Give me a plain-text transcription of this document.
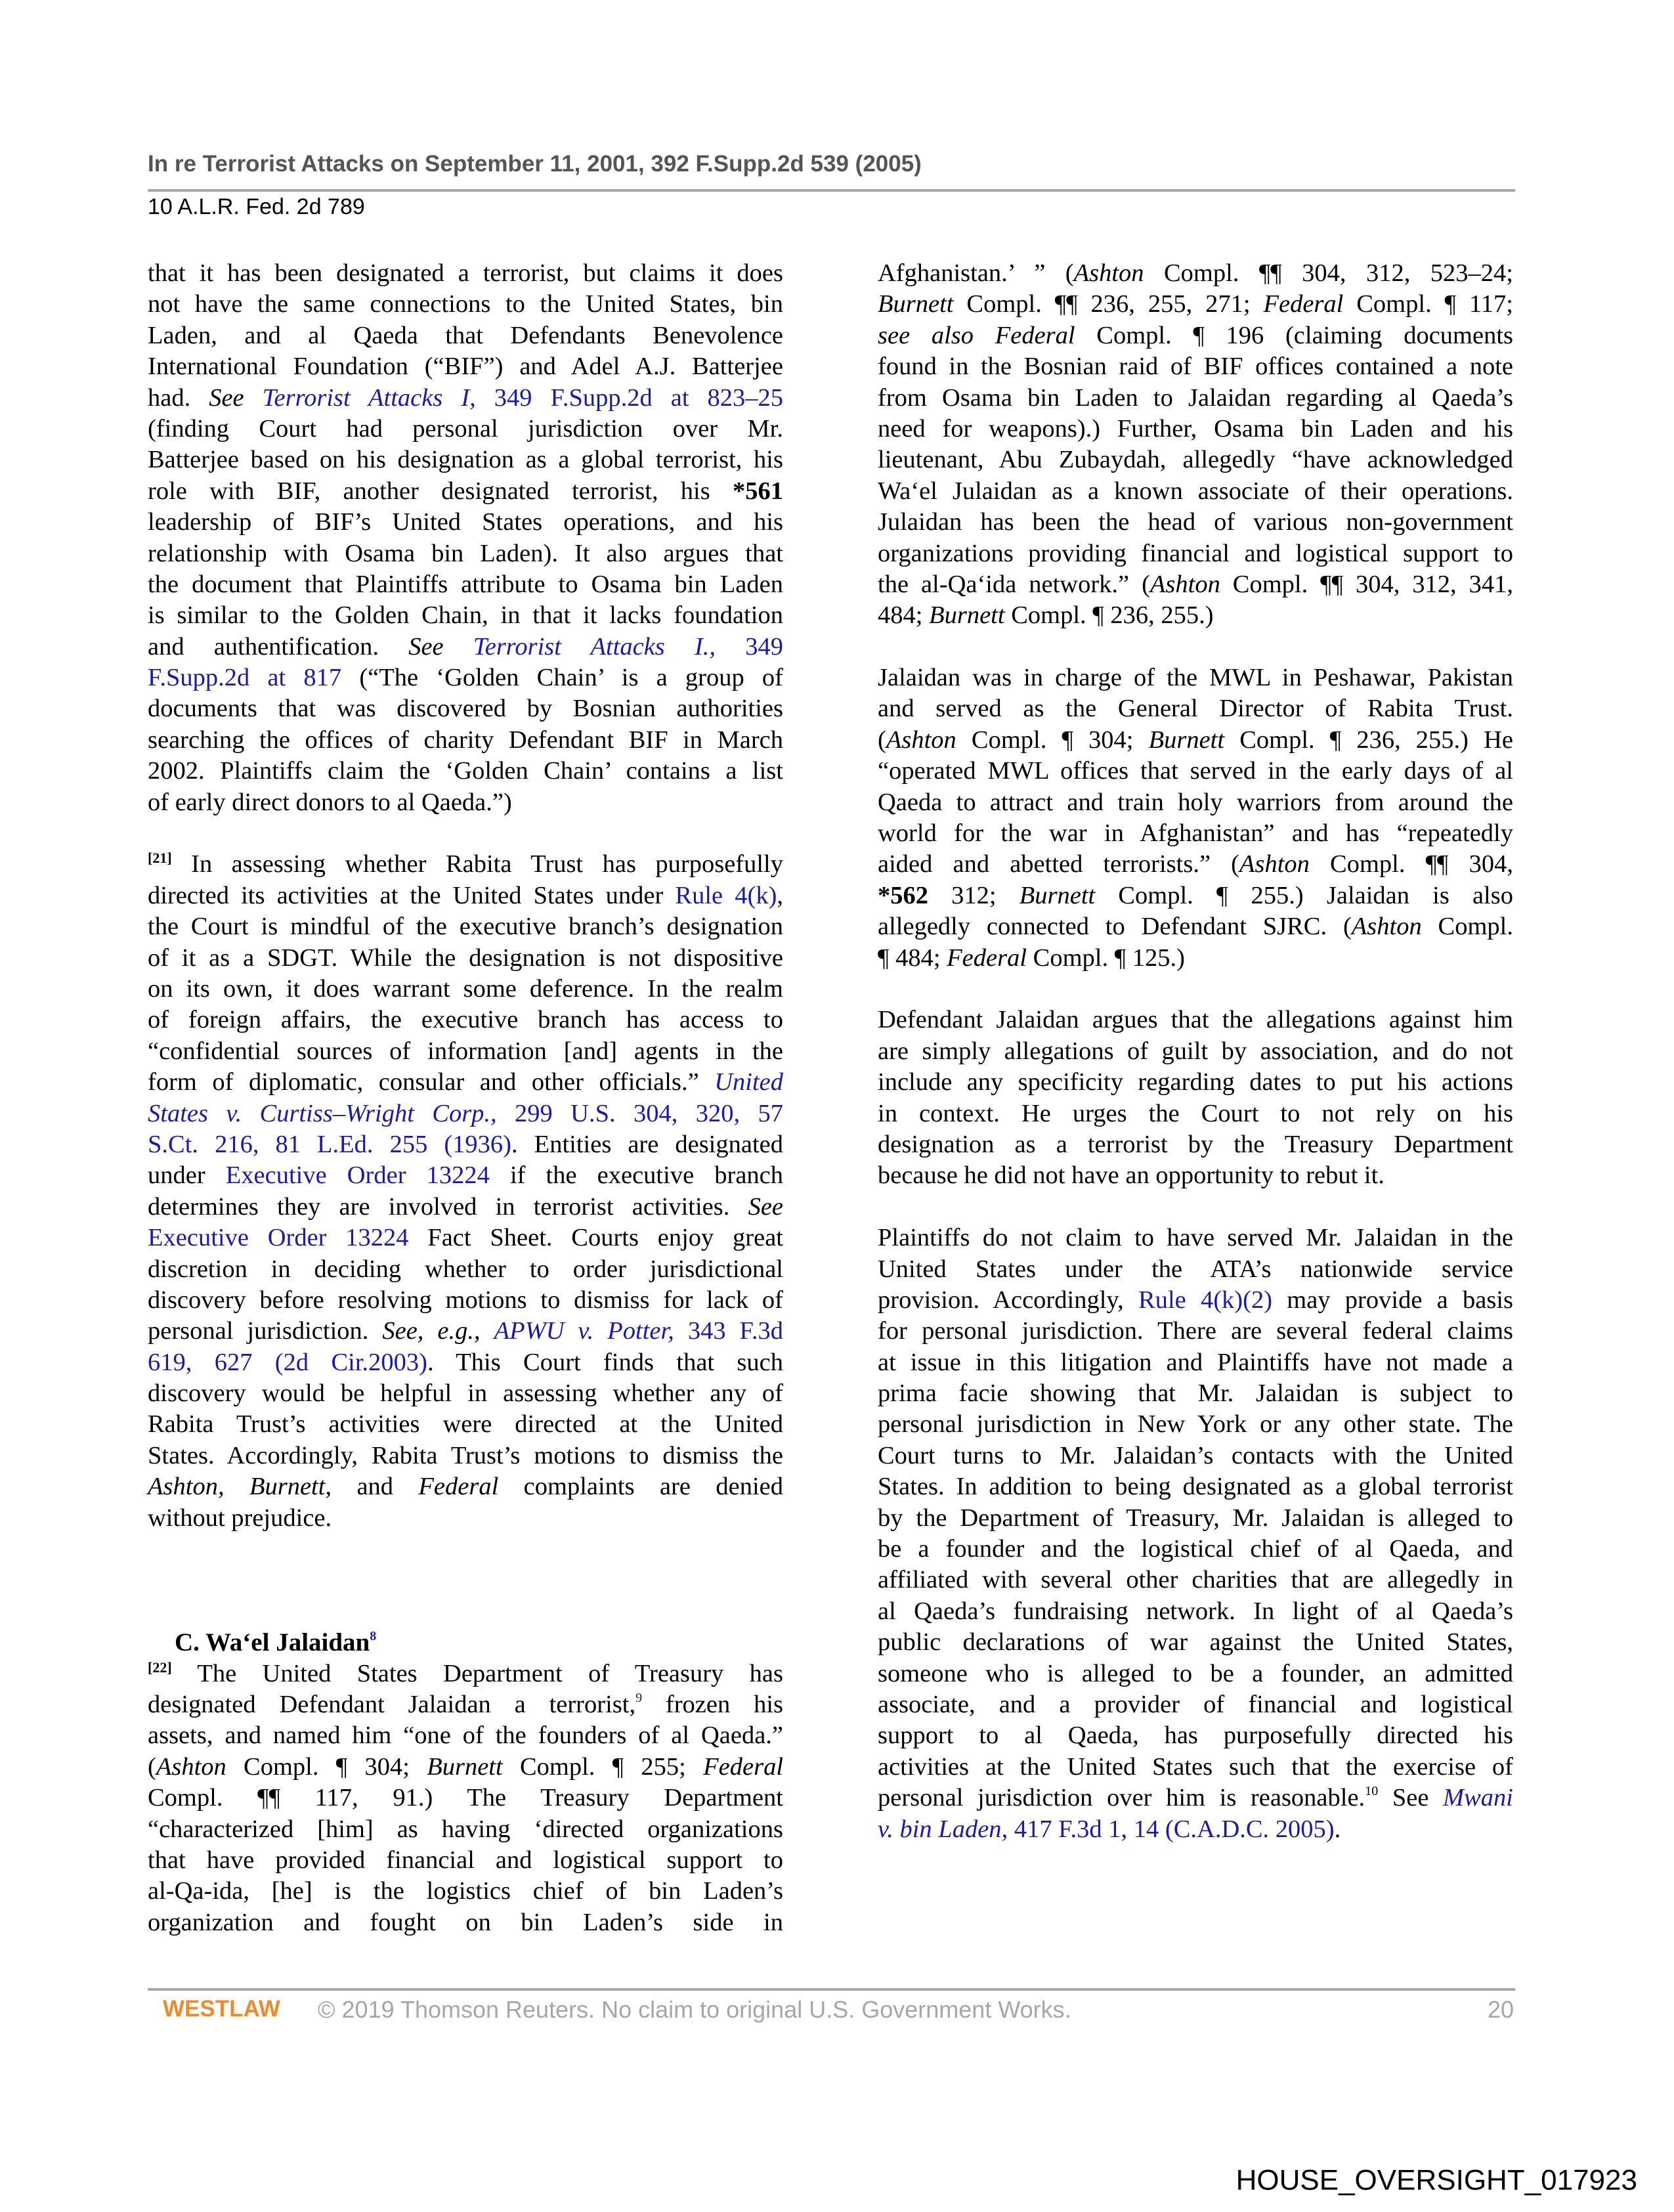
In re Terrorist Attacks on September 11, 2001, 392 F.Supp.2d 539 (2005)
10 A.L.R. Fed. 2d 789
that it has been designated a terrorist, but claims it does
not have the same connections to the United States, bin
Laden, and al Qaeda that Defendants Benevolence
International Foundation (“BIF”) and Adel A.J. Batterjee
had. See Terrorist Attacks I, 349 F.Supp.2d at 823–25
(finding Court had personal jurisdiction over Mr.
Batterjee based on his designation as a global terrorist, his
role with BIF, another designated terrorist, his *561
leadership of BIF’s United States operations, and his
relationship with Osama bin Laden). It also argues that
the document that Plaintiffs attribute to Osama bin Laden
is similar to the Golden Chain, in that it lacks foundation
and authentification. See Terrorist Attacks I., 349
F.Supp.2d at 817 (“The ‘Golden Chain’ is a group of
documents that was discovered by Bosnian authorities
searching the offices of charity Defendant BIF in March
2002. Plaintiffs claim the ‘Golden Chain’ contains a list
of early direct donors to al Qaeda.”)
[21] In assessing whether Rabita Trust has purposefully
directed its activities at the United States under Rule 4(k),
the Court is mindful of the executive branch’s designation
of it as a SDGT. While the designation is not dispositive
on its own, it does warrant some deference. In the realm
of foreign affairs, the executive branch has access to
“confidential sources of information [and] agents in the
form of diplomatic, consular and other officials.” United
States v. Curtiss–Wright Corp., 299 U.S. 304, 320, 57
S.Ct. 216, 81 L.Ed. 255 (1936). Entities are designated
under Executive Order 13224 if the executive branch
determines they are involved in terrorist activities. See
Executive Order 13224 Fact Sheet. Courts enjoy great
discretion in deciding whether to order jurisdictional
discovery before resolving motions to dismiss for lack of
personal jurisdiction. See, e.g., APWU v. Potter, 343 F.3d
619, 627 (2d Cir.2003). This Court finds that such
discovery would be helpful in assessing whether any of
Rabita Trust’s activities were directed at the United
States. Accordingly, Rabita Trust’s motions to dismiss the
Ashton, Burnett, and Federal complaints are denied
without prejudice.
C. Wa‘el Jalaidan$^8$
[22] The United States Department of Treasury has
designated Defendant Jalaidan a terrorist,$^9$ frozen his
assets, and named him “one of the founders of al Qaeda.”
(Ashton Compl. ¶ 304; Burnett Compl. ¶ 255; Federal
Compl. ¶¶ 117, 91.) The Treasury Department
“characterized [him] as having ‘directed organizations
that have provided financial and logistical support to
al-Qa-ida, [he] is the logistics chief of bin Laden’s
organization and fought on bin Laden’s side in
Afghanistan.’ ” (Ashton Compl. ¶¶ 304, 312, 523–24;
Burnett Compl. ¶¶ 236, 255, 271; Federal Compl. ¶ 117;
see also Federal Compl. ¶ 196 (claiming documents
found in the Bosnian raid of BIF offices contained a note
from Osama bin Laden to Jalaidan regarding al Qaeda’s
need for weapons).) Further, Osama bin Laden and his
lieutenant, Abu Zubaydah, allegedly “have acknowledged
Wa‘el Julaidan as a known associate of their operations.
Julaidan has been the head of various non-government
organizations providing financial and logistical support to
the al-Qa‘ida network.” (Ashton Compl. ¶¶ 304, 312, 341,
484; Burnett Compl. ¶ 236, 255.)
Jalaidan was in charge of the MWL in Peshawar, Pakistan
and served as the General Director of Rabita Trust.
(Ashton Compl. ¶ 304; Burnett Compl. ¶ 236, 255.) He
“operated MWL offices that served in the early days of al
Qaeda to attract and train holy warriors from around the
world for the war in Afghanistan” and has “repeatedly
aided and abetted terrorists.” (Ashton Compl. ¶¶ 304,
*562 312; Burnett Compl. ¶ 255.) Jalaidan is also
allegedly connected to Defendant SJRC. (Ashton Compl.
¶ 484; Federal Compl. ¶ 125.)
Defendant Jalaidan argues that the allegations against him
are simply allegations of guilt by association, and do not
include any specificity regarding dates to put his actions
in context. He urges the Court to not rely on his
designation as a terrorist by the Treasury Department
because he did not have an opportunity to rebut it.
Plaintiffs do not claim to have served Mr. Jalaidan in the
United States under the ATA’s nationwide service
provision. Accordingly, Rule 4(k)(2) may provide a basis
for personal jurisdiction. There are several federal claims
at issue in this litigation and Plaintiffs have not made a
prima facie showing that Mr. Jalaidan is subject to
personal jurisdiction in New York or any other state. The
Court turns to Mr. Jalaidan’s contacts with the United
States. In addition to being designated as a global terrorist
by the Department of Treasury, Mr. Jalaidan is alleged to
be a founder and the logistical chief of al Qaeda, and
affiliated with several other charities that are allegedly in
al Qaeda’s fundraising network. In light of al Qaeda’s
public declarations of war against the United States,
someone who is alleged to be a founder, an admitted
associate, and a provider of financial and logistical
support to al Qaeda, has purposefully directed his
activities at the United States such that the exercise of
personal jurisdiction over him is reasonable.$^{10}$ See Mwani
v. bin Laden, 417 F.3d 1, 14 (C.A.D.C. 2005).
WESTLAW © 2019 Thomson Reuters. No claim to original U.S. Government Works.	20
HOUSE_OVERSIGHT_017923
